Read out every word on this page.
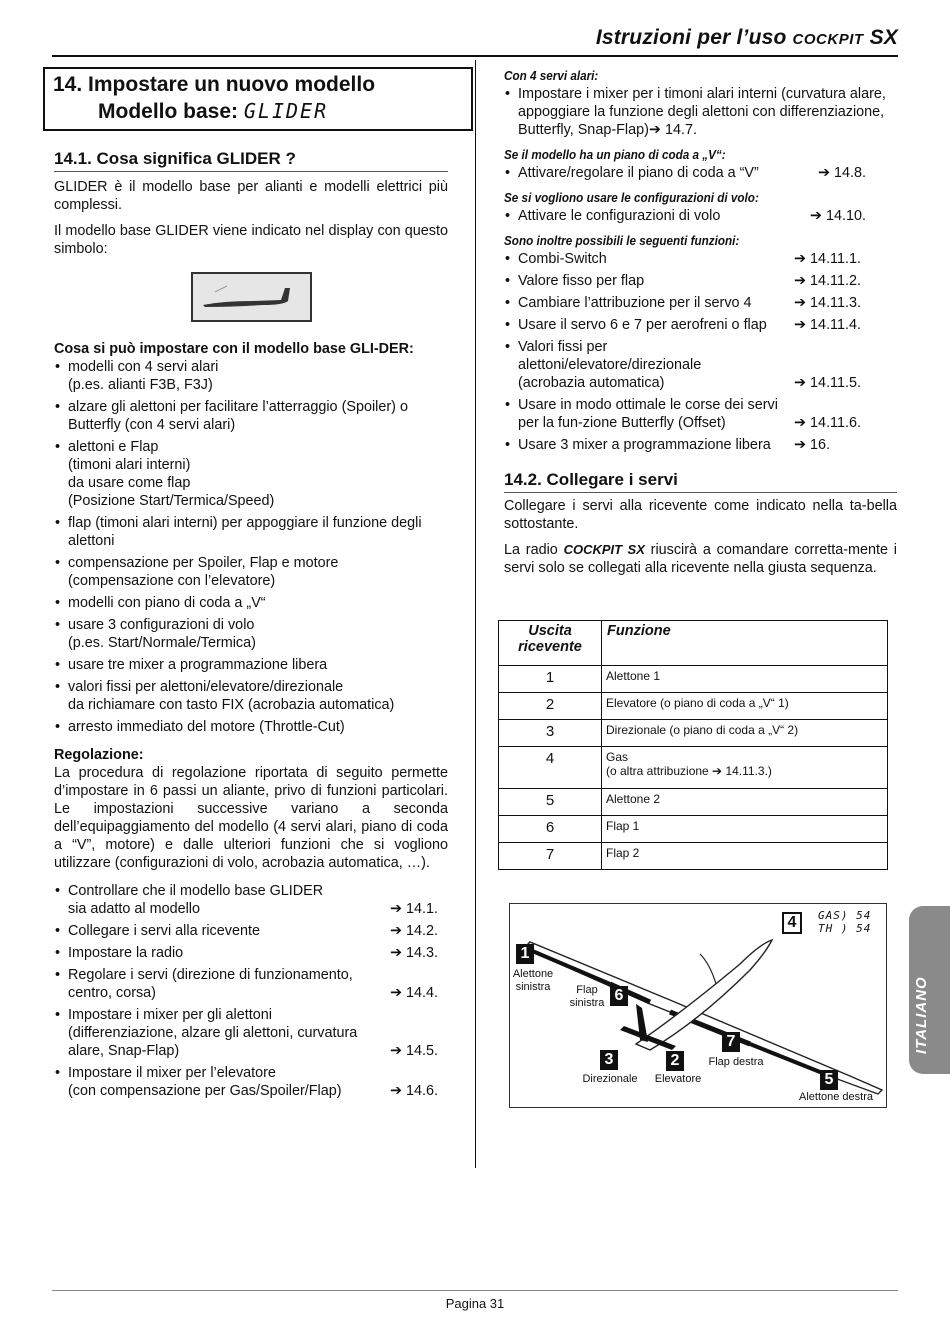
Istruzioni per l’uso COCKPIT SX
14. Impostare un nuovo modello
Modello base: GLIDER
14.1. Cosa significa GLIDER ?
GLIDER è il modello base per alianti e modelli elettrici più complessi.
Il modello base GLIDER viene indicato nel display con questo simbolo:
Cosa si può impostare con il modello base GLI-DER:
• modelli con 4 servi alari
(p.es. alianti F3B, F3J)
• alzare gli alettoni per facilitare l’atterraggio (Spoiler) o Butterfly (con 4 servi alari)
• alettoni e Flap
(timoni alari interni)
da usare come flap
(Posizione Start/Termica/Speed)
• flap (timoni alari interni) per appoggiare il funzione degli alettoni
• compensazione per Spoiler, Flap e motore
(compensazione con l’elevatore)
• modelli con piano di coda a „V“
• usare 3 configurazioni di volo
(p.es. Start/Normale/Termica)
• usare tre mixer a programmazione libera
• valori fissi per alettoni/elevatore/direzionale
da richiamare con tasto FIX (acrobazia automatica)
• arresto immediato del motore (Throttle-Cut)
Regolazione:
La procedura di regolazione riportata di seguito permette d’impostare in 6 passi un aliante, privo di funzioni particolari. Le impostazioni successive variano a seconda dell’equipaggiamento del modello (4 servi alari, piano di coda a “V”, motore) e dalle ulteriori funzioni che si vogliono utilizzare (configurazioni di volo, acrobazia automatica, …).
• Controllare che il modello base GLIDER
sia adatto al modello	➔ 14.1.
• Collegare i servi alla ricevente	➔ 14.2.
• Impostare la radio	➔ 14.3.
• Regolare i servi (direzione di funzionamento, centro, corsa)	➔ 14.4.
• Impostare i mixer per gli alettoni (differenziazione, alzare gli alettoni, curvatura alare, Snap-Flap)	➔ 14.5.
• Impostare il mixer per l’elevatore
(con compensazione per Gas/Spoiler/Flap)	➔ 14.6.
Con 4 servi alari:
• Impostare i mixer per i timoni alari interni (curvatura alare, appoggiare la funzione degli alettoni con differenziazione, Butterfly, Snap-Flap)➔ 14.7.
Se il modello ha un piano di coda a „V“:
• Attivare/regolare il piano di coda a “V”	➔ 14.8.
Se si vogliono usare le configurazioni di volo:
• Attivare le configurazioni di volo	➔ 14.10.
Sono inoltre possibili le seguenti funzioni:
• Combi-Switch	➔ 14.11.1.
• Valore fisso per flap	➔ 14.11.2.
• Cambiare l’attribuzione per il servo 4	➔ 14.11.3.
• Usare il servo 6 e 7 per aerofreni o flap ➔ 14.11.4.
• Valori fissi per alettoni/elevatore/direzionale
(acrobazia automatica)	➔ 14.11.5.
• Usare in modo ottimale le corse dei servi per la fun-zione Butterfly (Offset)	➔ 14.11.6.
• Usare 3 mixer a programmazione libera ➔ 16.
14.2. Collegare i servi
Collegare i servi alla ricevente come indicato nella ta-bella sottostante.
La radio COCKPIT SX riuscirà a comandare corretta-mente i servi solo se collegati alla ricevente nella giusta sequenza.
Uscita ricevente	Funzione
1	Alettone 1
2	Elevatore (o piano di coda a „V“ 1)
3	Direzionale (o piano di coda a „V“ 2)
4	Gas
(o altra attribuzione ➔ 14.11.3.)
5	Alettone 2
6	Flap 1
7	Flap 2
1
Alettone
sinistra	6
Flap
sinistra
3
Direzionale
2
Elevatore
7
Flap destra
5
Alettone destra
4	GAS) 54
TH ) 54
ITALIANO
Pagina 31
